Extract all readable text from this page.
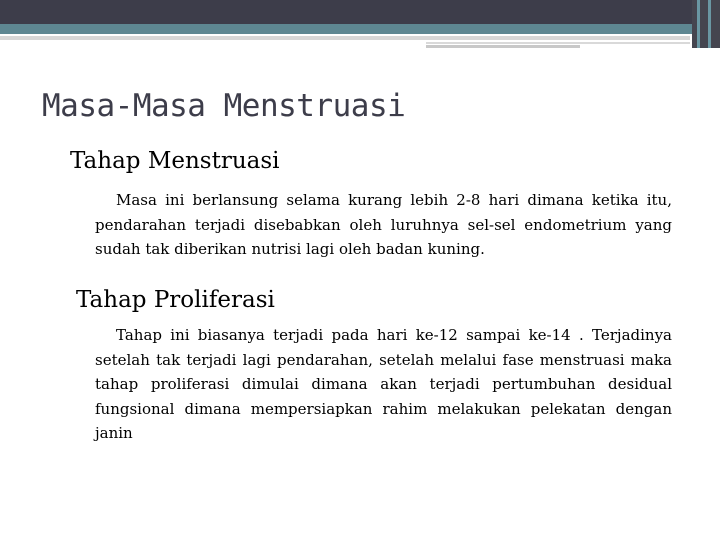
Masa-Masa Menstruasi
Tahap Menstruasi

Masa ini berlansung selama kurang lebih 2-8 hari dimana ketika itu, pendarahan terjadi disebabkan oleh luruhnya sel-sel endometrium yang sudah tak diberikan nutrisi lagi oleh badan kuning.

Tahap Proliferasi

Tahap ini biasanya terjadi pada hari ke-12 sampai ke-14 . Terjadinya setelah tak terjadi lagi pendarahan, setelah melalui fase menstruasi maka tahap proliferasi dimulai dimana akan terjadi pertumbuhan desidual fungsional dimana mempersiapkan rahim melakukan pelekatan dengan janin
